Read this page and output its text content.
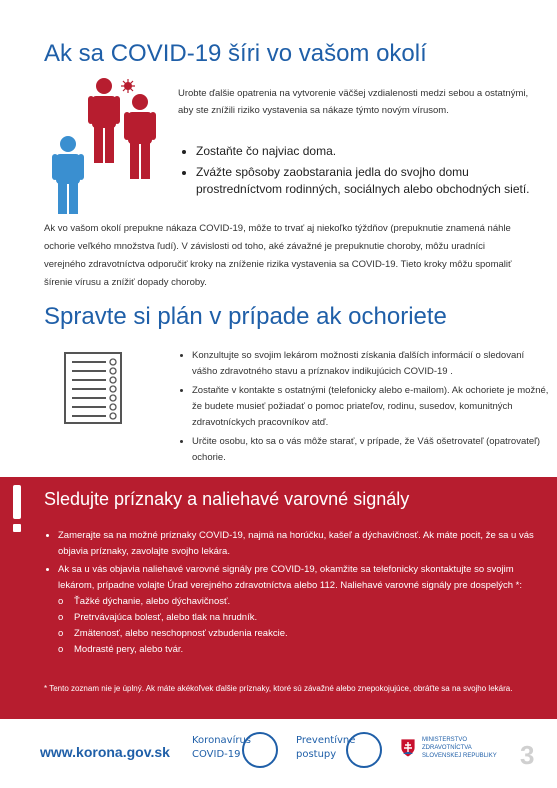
Ak sa COVID-19 šíri vo vašom okolí
Urobte ďalšie opatrenia na vytvorenie väčšej vzdialenosti medzi sebou a ostatnými, aby ste znížili riziko vystavenia sa nákaze týmto novým vírusom.
• Zostaňte čo najviac doma.
• Zvážte spôsoby zaobstarania jedla do svojho domu prostredníctvom rodinných, sociálnych alebo obchodných sietí.
Ak vo vašom okolí prepukne nákaza COVID-19, môže to trvať aj niekoľko týždňov (prepuknutie znamená náhle ochorie veľkého množstva ľudí). V závislosti od toho, aké závažné je prepuknutie choroby, môžu uradníci verejného zdravotníctva odporučiť kroky na zníženie rizika vystavenia sa COVID-19. Tieto kroky môžu spomaliť šírenie vírusu a znížiť dopady choroby.
Spravte si plán v prípade ak ochoriete
• Konzultujte so svojim lekárom možnosti získania ďalších informácií o sledovaní vášho zdravotného stavu a príznakov indikujúcich COVID-19 .
• Zostaňte v kontakte s ostatnými (telefonicky alebo e-mailom). Ak ochoriete je možné, že budete musieť požiadať o pomoc priateľov, rodinu, susedov, komunitných zdravotníckych pracovníkov atď.
• Určite osobu, kto sa o vás môže starať, v prípade, že Váš ošetrovateľ (opatrovateľ) ochorie.
Sledujte príznaky a naliehavé varovné signály
• Zamerajte sa na možné príznaky COVID-19, najmä na horúčku, kašeľ a dýchavičnosť. Ak máte pocit, že sa u vás objavia príznaky, zavolajte svojho lekára.
• Ak sa u vás objavia naliehavé varovné signály pre COVID-19, okamžite sa telefonicky skontaktujte so svojim lekárom, prípadne volajte Úrad verejného zdravotníctva alebo 112. Naliehavé varovné signály pre dospelých *:
o Ťažké dýchanie, alebo dýchavičnosť.
o Pretrvávajúca bolesť, alebo tlak na hrudník.
o Zmätenosť, alebo neschopnosť vzbudenia reakcie.
o Modrasté pery, alebo tvár.
* Tento zoznam nie je úplný. Ak máte akékoľvek ďalšie príznaky, ktoré sú závažné alebo znepokojujúce, obráťte sa na svojho lekára.
www.korona.gov.sk
Koronavírus
COVID-19
Preventívne
postupy
MINISTERSTVO
ZDRAVOTNÍCTVA
SLOVENSKEJ REPUBLIKY 3
